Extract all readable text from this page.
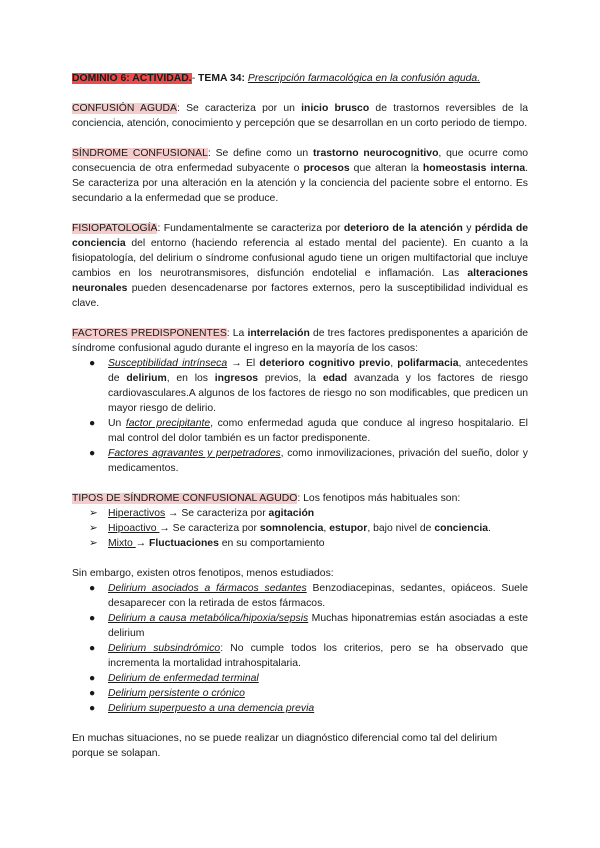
DOMINIO 6: ACTIVIDAD.- TEMA 34: Prescripción farmacológica en la confusión aguda.

CONFUSIÓN AGUDA: Se caracteriza por un inicio brusco de trastornos reversibles de la conciencia, atención, conocimiento y percepción que se desarrollan en un corto periodo de tiempo.

SÍNDROME CONFUSIONAL: Se define como un trastorno neurocognitivo, que ocurre como consecuencia de otra enfermedad subyacente o procesos que alteran la homeostasis interna. Se caracteriza por una alteración en la atención y la conciencia del paciente sobre el entorno. Es secundario a la enfermedad que se produce.

FISIOPATOLOGÍA: Fundamentalmente se caracteriza por deterioro de la atención y pérdida de conciencia del entorno (haciendo referencia al estado mental del paciente). En cuanto a la fisiopatología, del delirium o síndrome confusional agudo tiene un origen multifactorial que incluye cambios en los neurotransmisores, disfunción endotelial e inflamación. Las alteraciones neuronales pueden desencadenarse por factores externos, pero la susceptibilidad individual es clave.

FACTORES PREDISPONENTES: La interrelación de tres factores predisponentes a aparición de síndrome confusional agudo durante el ingreso en la mayoría de los casos:

● Susceptibilidad intrínseca → El deterioro cognitivo previo, polifarmacia, antecedentes de delirium, en los ingresos previos, la edad avanzada y los factores de riesgo cardiovasculares.A algunos de los factores de riesgo no son modificables, que predicen un mayor riesgo de delirio.
● Un factor precipitante, como enfermedad aguda que conduce al ingreso hospitalario. El mal control del dolor también es un factor predisponente.
● Factores agravantes y perpetradores, como inmovilizaciones, privación del sueño, dolor y medicamentos.

TIPOS DE SÍNDROME CONFUSIONAL AGUDO: Los fenotipos más habituales son:

➢ Hiperactivos → Se caracteriza por agitación
➢ Hipoactivo → Se caracteriza por somnolencia, estupor, bajo nivel de conciencia.
➢ Mixto → Fluctuaciones en su comportamiento

Sin embargo, existen otros fenotipos, menos estudiados:

● Delirium asociados a fármacos sedantes Benzodiacepinas, sedantes, opiáceos. Suele desaparecer con la retirada de estos fármacos.
● Delirium a causa metabólica/hipoxia/sepsis Muchas hiponatremias están asociadas a este delirium
● Delirium subsindrómico: No cumple todos los criterios, pero se ha observado que incrementa la mortalidad intrahospitalaria.
● Delirium de enfermedad terminal
● Delirium persistente o crónico
● Delirium superpuesto a una demencia previa

En muchas situaciones, no se puede realizar un diagnóstico diferencial como tal del delirium porque se solapan.
